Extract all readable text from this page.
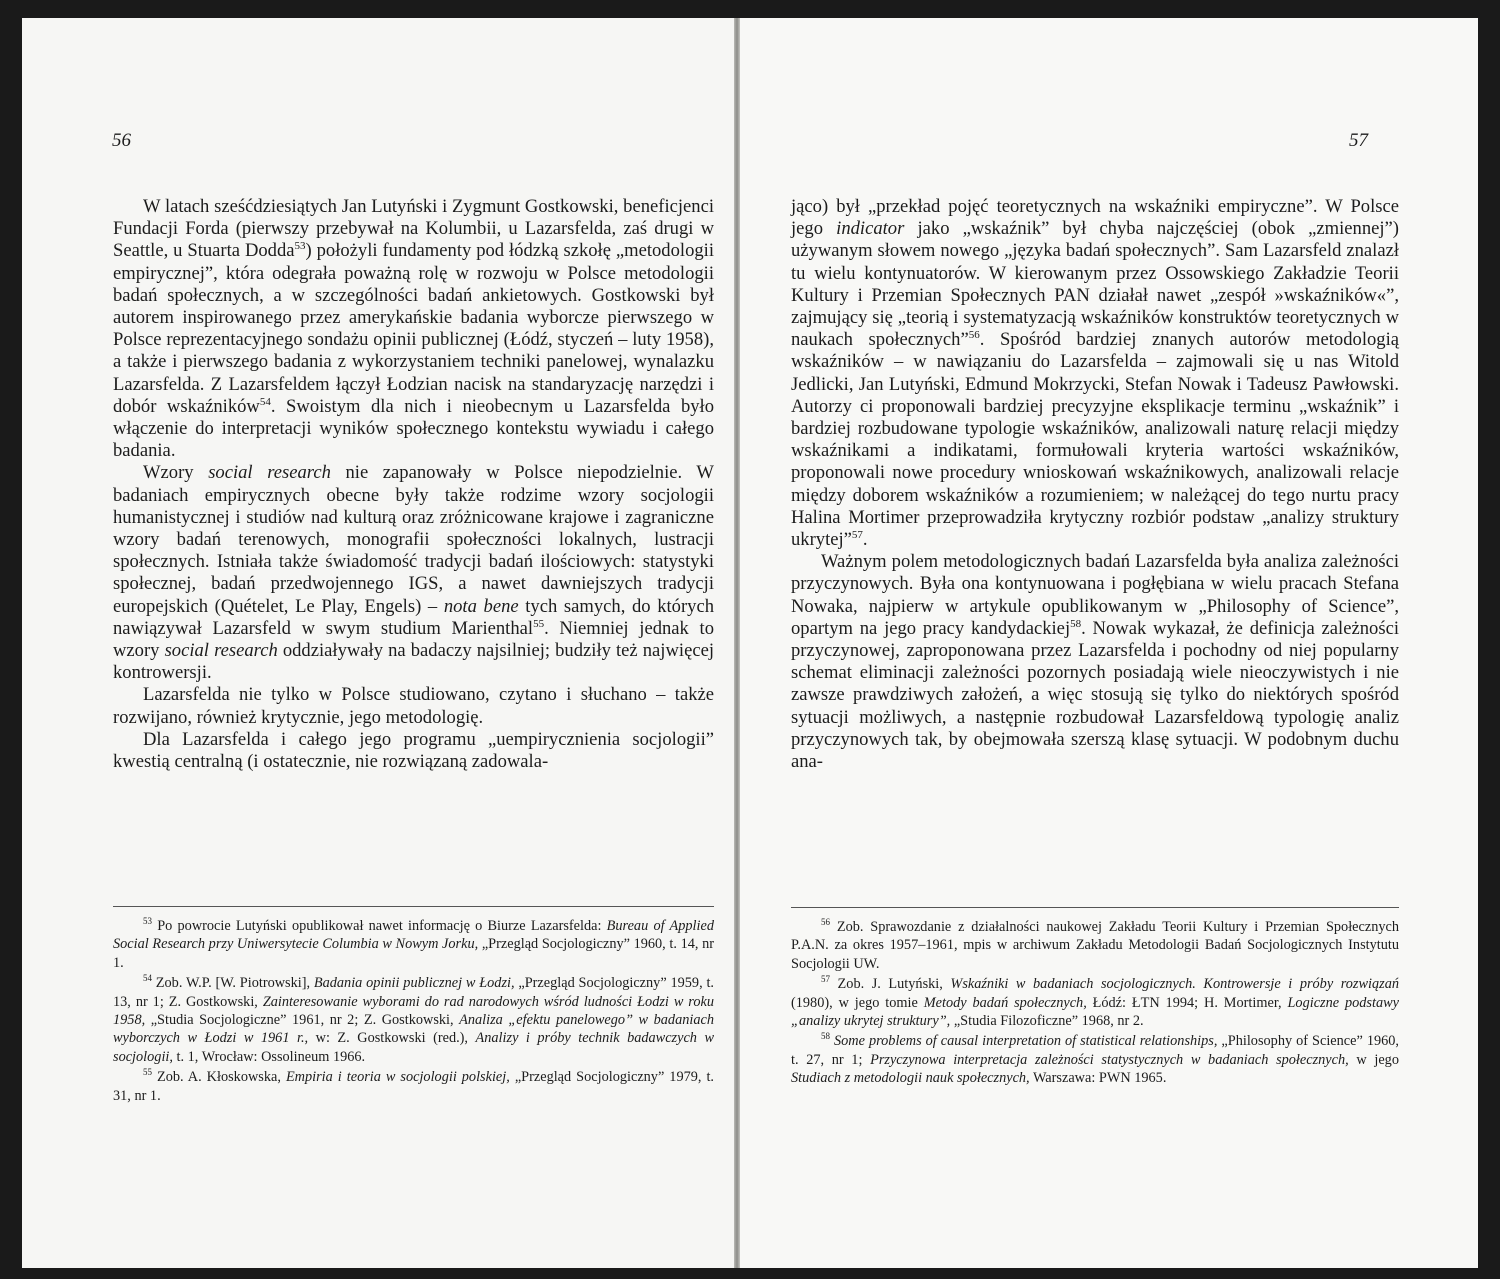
56

W latach sześćdziesiątych Jan Lutyński i Zygmunt Gostkowski, beneficjenci Fundacji Forda (pierwszy przebywał na Kolumbii, u Lazarsfelda, zaś drugi w Seattle, u Stuarta Dodda$^{53}$) położyli fundamenty pod łódzką szkołę „metodologii empirycznej”, która odegrała poważną rolę w rozwoju w Polsce metodologii badań społecznych, a w szczególności badań ankietowych. Gostkowski był autorem inspirowanego przez amerykańskie badania wyborcze pierwszego w Polsce reprezentacyjnego sondażu opinii publicznej (Łódź, styczeń – luty 1958), a także i pierwszego badania z wykorzystaniem techniki panelowej, wynalazku Lazarsfelda. Z Lazarsfeldem łączył Łodzian nacisk na standaryzację narzędzi i dobór wskaźników$^{54}$. Swoistym dla nich i nieobecnym u Lazarsfelda było włączenie do interpretacji wyników społecznego kontekstu wywiadu i całego badania.

Wzory social research nie zapanowały w Polsce niepodzielnie. W badaniach empirycznych obecne były także rodzime wzory socjologii humanistycznej i studiów nad kulturą oraz zróżnicowane krajowe i zagraniczne wzory badań terenowych, monografii społeczności lokalnych, lustracji społecznych. Istniała także świadomość tradycji badań ilościowych: statystyki społecznej, badań przedwojennego IGS, a nawet dawniejszych tradycji europejskich (Quételet, Le Play, Engels) – nota bene tych samych, do których nawiązywał Lazarsfeld w swym studium Marienthal$^{55}$. Niemniej jednak to wzory social research oddziaływały na badaczy najsilniej; budziły też najwięcej kontrowersji.

Lazarsfelda nie tylko w Polsce studiowano, czytano i słuchano – także rozwijano, również krytycznie, jego metodologię.

Dla Lazarsfelda i całego jego programu „uempirycznienia socjologii” kwestią centralną (i ostatecznie, nie rozwiązaną zadowala-

$^{53}$ Po powrocie Lutyński opublikował nawet informację o Biurze Lazarsfelda: Bureau of Applied Social Research przy Uniwersytecie Columbia w Nowym Jorku, „Przegląd Socjologiczny” 1960, t. 14, nr 1.

$^{54}$ Zob. W.P. [W. Piotrowski], Badania opinii publicznej w Łodzi, „Przegląd Socjologiczny” 1959, t. 13, nr 1; Z. Gostkowski, Zainteresowanie wyborami do rad narodowych wśród ludności Łodzi w roku 1958, „Studia Socjologiczne” 1961, nr 2; Z. Gostkowski, Analiza „efektu panelowego” w badaniach wyborczych w Łodzi w 1961 r., w: Z. Gostkowski (red.), Analizy i próby technik badawczych w socjologii, t. 1, Wrocław: Ossolineum 1966.

$^{55}$ Zob. A. Kłoskowska, Empiria i teoria w socjologii polskiej, „Przegląd Socjologiczny” 1979, t. 31, nr 1.

57

jąco) był „przekład pojęć teoretycznych na wskaźniki empiryczne”. W Polsce jego indicator jako „wskaźnik” był chyba najczęściej (obok „zmiennej”) używanym słowem nowego „języka badań społecznych”. Sam Lazarsfeld znalazł tu wielu kontynuatorów. W kierowanym przez Ossowskiego Zakładzie Teorii Kultury i Przemian Społecznych PAN działał nawet „zespół »wskaźników«”, zajmujący się „teorią i systematyzacją wskaźników konstruktów teoretycznych w naukach społecznych”$^{56}$. Spośród bardziej znanych autorów metodologią wskaźników – w nawiązaniu do Lazarsfelda – zajmowali się u nas Witold Jedlicki, Jan Lutyński, Edmund Mokrzycki, Stefan Nowak i Tadeusz Pawłowski. Autorzy ci proponowali bardziej precyzyjne eksplikacje terminu „wskaźnik” i bardziej rozbudowane typologie wskaźników, analizowali naturę relacji między wskaźnikami a indikatami, formułowali kryteria wartości wskaźników, proponowali nowe procedury wnioskowań wskaźnikowych, analizowali relacje między doborem wskaźników a rozumieniem; w należącej do tego nurtu pracy Halina Mortimer przeprowadziła krytyczny rozbiór podstaw „analizy struktury ukrytej”$^{57}$.

Ważnym polem metodologicznych badań Lazarsfelda była analiza zależności przyczynowych. Była ona kontynuowana i pogłębiana w wielu pracach Stefana Nowaka, najpierw w artykule opublikowanym w „Philosophy of Science”, opartym na jego pracy kandydackiej$^{58}$. Nowak wykazał, że definicja zależności przyczynowej, zaproponowana przez Lazarsfelda i pochodny od niej popularny schemat eliminacji zależności pozornych posiadają wiele nieoczywistych i nie zawsze prawdziwych założeń, a więc stosują się tylko do niektórych spośród sytuacji możliwych, a następnie rozbudował Lazarsfeldową typologię analiz przyczynowych tak, by obejmowała szerszą klasę sytuacji. W podobnym duchu ana-

$^{56}$ Zob. Sprawozdanie z działalności naukowej Zakładu Teorii Kultury i Przemian Społecznych P.A.N. za okres 1957–1961, mpis w archiwum Zakładu Metodologii Badań Socjologicznych Instytutu Socjologii UW.

$^{57}$ Zob. J. Lutyński, Wskaźniki w badaniach socjologicznych. Kontrowersje i próby rozwiązań (1980), w jego tomie Metody badań społecznych, Łódź: ŁTN 1994; H. Mortimer, Logiczne podstawy „analizy ukrytej struktury”, „Studia Filozoficzne” 1968, nr 2.

$^{58}$ Some problems of causal interpretation of statistical relationships, „Philosophy of Science” 1960, t. 27, nr 1; Przyczynowa interpretacja zależności statystycznych w badaniach społecznych, w jego Studiach z metodologii nauk społecznych, Warszawa: PWN 1965.
